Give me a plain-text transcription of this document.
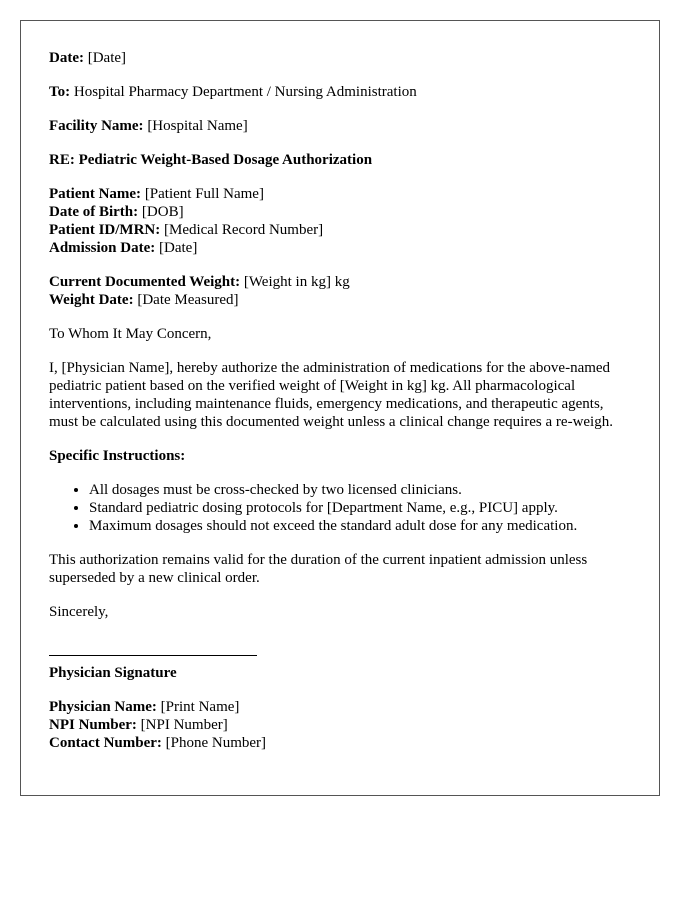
Date: [Date]

To: Hospital Pharmacy Department / Nursing Administration

Facility Name: [Hospital Name]

RE: Pediatric Weight-Based Dosage Authorization

Patient Name: [Patient Full Name]
Date of Birth: [DOB]
Patient ID/MRN: [Medical Record Number]
Admission Date: [Date]

Current Documented Weight: [Weight in kg] kg
Weight Date: [Date Measured]

To Whom It May Concern,

I, [Physician Name], hereby authorize the administration of medications for the above-named pediatric patient based on the verified weight of [Weight in kg] kg. All pharmacological interventions, including maintenance fluids, emergency medications, and therapeutic agents, must be calculated using this documented weight unless a clinical change requires a re-weigh.

Specific Instructions:

• All dosages must be cross-checked by two licensed clinicians.
• Standard pediatric dosing protocols for [Department Name, e.g., PICU] apply.
• Maximum dosages should not exceed the standard adult dose for any medication.

This authorization remains valid for the duration of the current inpatient admission unless superseded by a new clinical order.

Sincerely,

Physician Signature

Physician Name: [Print Name]
NPI Number: [NPI Number]
Contact Number: [Phone Number]
